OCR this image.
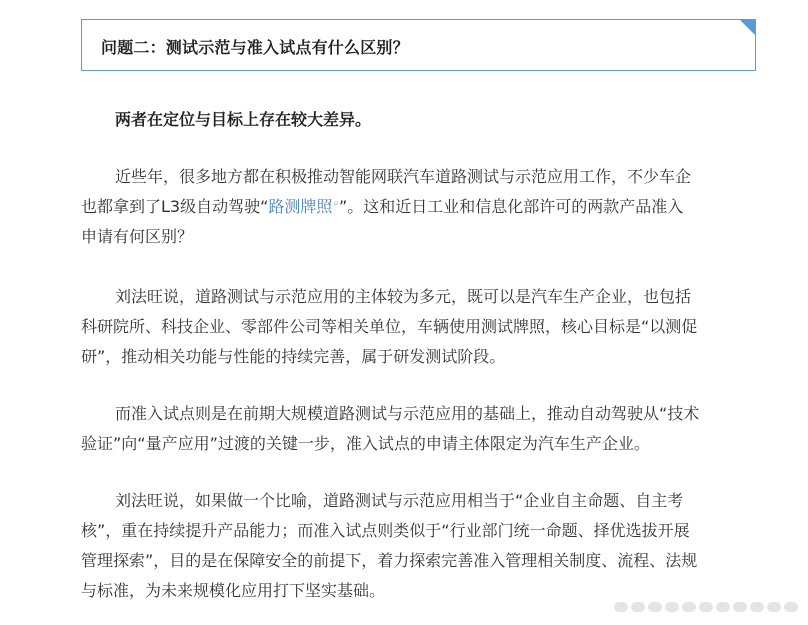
问题二：测试示范与准入试点有什么区别？
两者在定位与目标上存在较大差异。
近些年，很多地方都在积极推动智能网联汽车道路测试与示范应用工作，不少车企
也都拿到了L3级自动驾驶“路测牌照⌕”。这和近日工业和信息化部许可的两款产品准入
申请有何区别？
刘法旺说，道路测试与示范应用的主体较为多元，既可以是汽车生产企业，也包括
科研院所、科技企业、零部件公司等相关单位，车辆使用测试牌照，核心目标是“以测促
研”，推动相关功能与性能的持续完善，属于研发测试阶段。
而准入试点则是在前期大规模道路测试与示范应用的基础上，推动自动驾驶从“技术
验证”向“量产应用”过渡的关键一步，准入试点的申请主体限定为汽车生产企业。
刘法旺说，如果做一个比喻，道路测试与示范应用相当于“企业自主命题、自主考
核”，重在持续提升产品能力；而准入试点则类似于“行业部门统一命题、择优选拔开展
管理探索”，目的是在保障安全的前提下，着力探索完善准入管理相关制度、流程、法规
与标准，为未来规模化应用打下坚实基础。
